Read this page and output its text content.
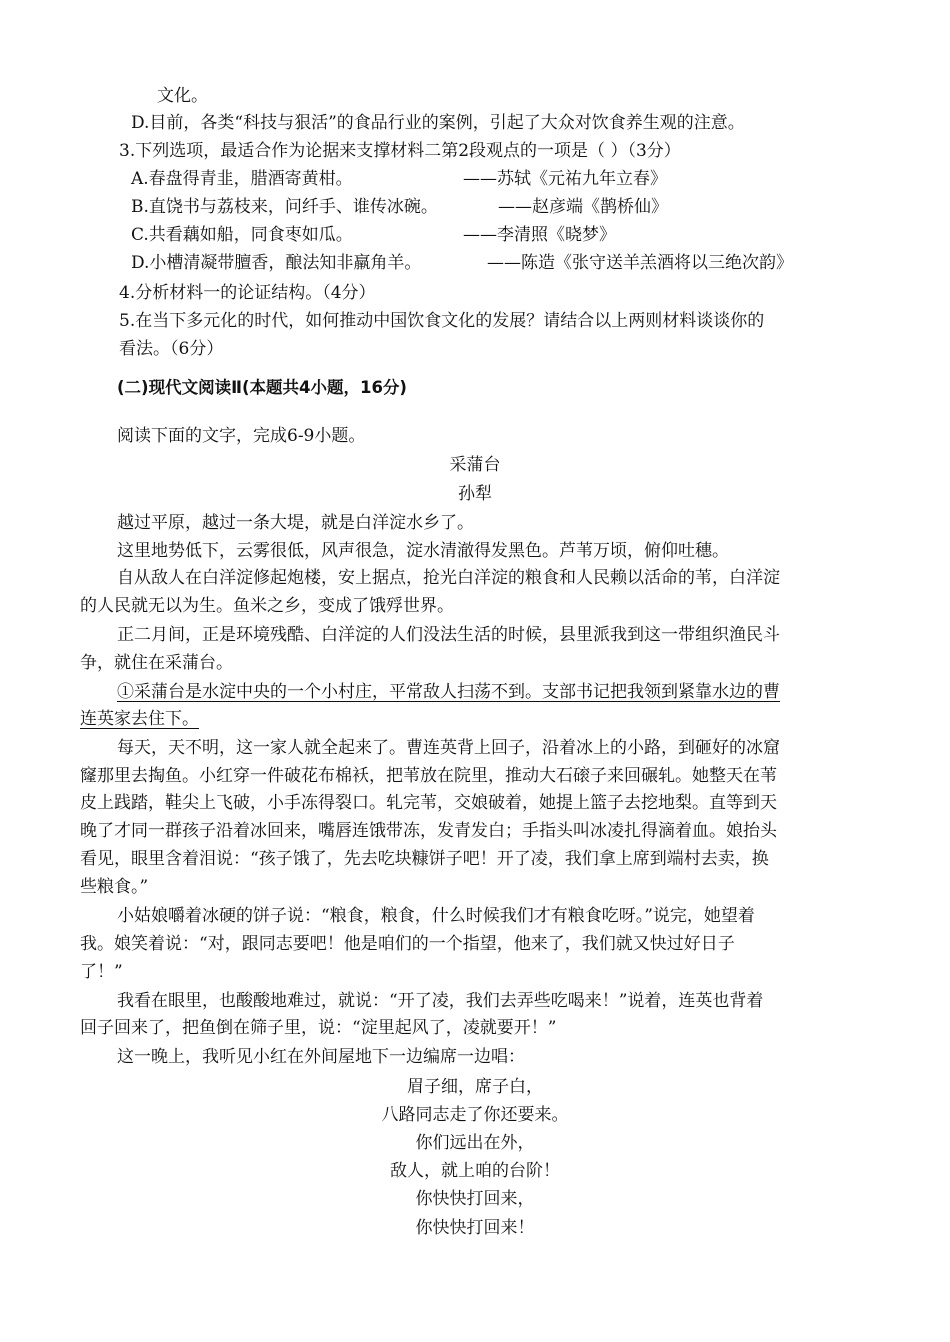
文化。
D.目前，各类“科技与狠活”的食品行业的案例，引起了大众对饮食养生观的注意。
3.下列选项，最适合作为论据来支撑材料二第2段观点的一项是（ ）（3分）
A.春盘得青韭，腊酒寄黄柑。	——苏轼《元祐九年立春》
B.直饶书与荔枝来，问纤手、谁传冰碗。	——赵彦端《鹊桥仙》
C.共看藕如船，同食枣如瓜。	——李清照《晓梦》
D.小槽清凝带膻香，酿法知非羸角羊。	——陈造《张守送羊羔酒将以三绝次韵》
4.分析材料一的论证结构。（4分）
5.在当下多元化的时代，如何推动中国饮食文化的发展？请结合以上两则材料谈谈你的
看法。（6分）
(二)现代文阅读Ⅱ(本题共4小题，16分)
阅读下面的文字，完成6-9小题。
采蒲台
孙犁
越过平原，越过一条大堤，就是白洋淀水乡了。
这里地势低下，云雾很低，风声很急，淀水清澈得发黑色。芦苇万顷，俯仰吐穗。
自从敌人在白洋淀修起炮楼，安上据点，抢光白洋淀的粮食和人民赖以活命的苇，白洋淀
的人民就无以为生。鱼米之乡，变成了饿殍世界。
正二月间，正是环境残酷、白洋淀的人们没法生活的时候，县里派我到这一带组织渔民斗
争，就住在采蒲台。
①采蒲台是水淀中央的一个小村庄，平常敌人扫荡不到。支部书记把我领到紧靠水边的曹
连英家去住下。
每天，天不明，这一家人就全起来了。曹连英背上回子，沿着冰上的小路，到砸好的冰窟
窿那里去掏鱼。小红穿一件破花布棉袄，把苇放在院里，推动大石磙子来回碾轧。她整天在苇
皮上践踏，鞋尖上飞破，小手冻得裂口。轧完苇，交娘破着，她提上篮子去挖地梨。直等到天
晚了才同一群孩子沿着冰回来，嘴唇连饿带冻，发青发白；手指头叫冰凌扎得滴着血。娘抬头
看见，眼里含着泪说：“孩子饿了，先去吃块糠饼子吧！开了凌，我们拿上席到端村去卖，换
些粮食。”
小姑娘嚼着冰硬的饼子说：“粮食，粮食，什么时候我们才有粮食吃呀。”说完，她望着
我。娘笑着说：“对，跟同志要吧！他是咱们的一个指望，他来了，我们就又快过好日子
了！”
我看在眼里，也酸酸地难过，就说：“开了凌，我们去弄些吃喝来！”说着，连英也背着
回子回来了，把鱼倒在筛子里，说：“淀里起风了，凌就要开！”
这一晚上，我听见小红在外间屋地下一边编席一边唱：
眉子细，席子白，
八路同志走了你还要来。
你们远出在外，
敌人，就上咱的台阶！
你快快打回来，
你快快打回来！
